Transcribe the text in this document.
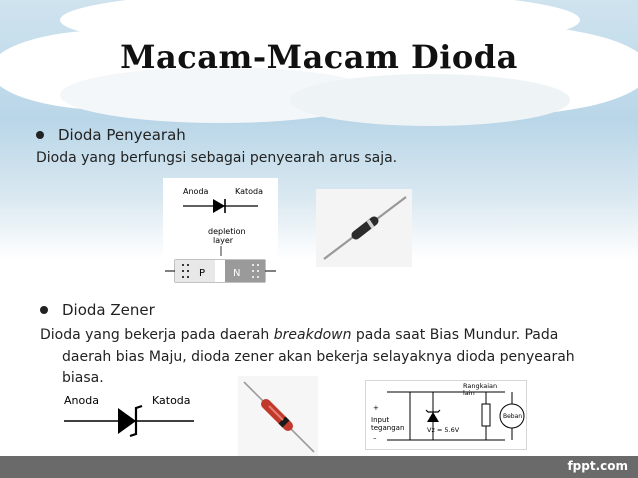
Macam-Macam Dioda
Dioda Penyearah
Dioda yang berfungsi sebagai penyearah arus saja.
Anoda	Katoda
depletion
layer
P	N
Dioda Zener
Dioda yang bekerja pada daerah breakdown pada saat Bias Mundur. Pada
daerah bias Maju, dioda zener akan bekerja selayaknya dioda penyearah
biasa.
Anoda	Katoda
+
Input
tegangan
–
Vz = 5.6V
Rangkaian
lain
Beban
fppt.com
